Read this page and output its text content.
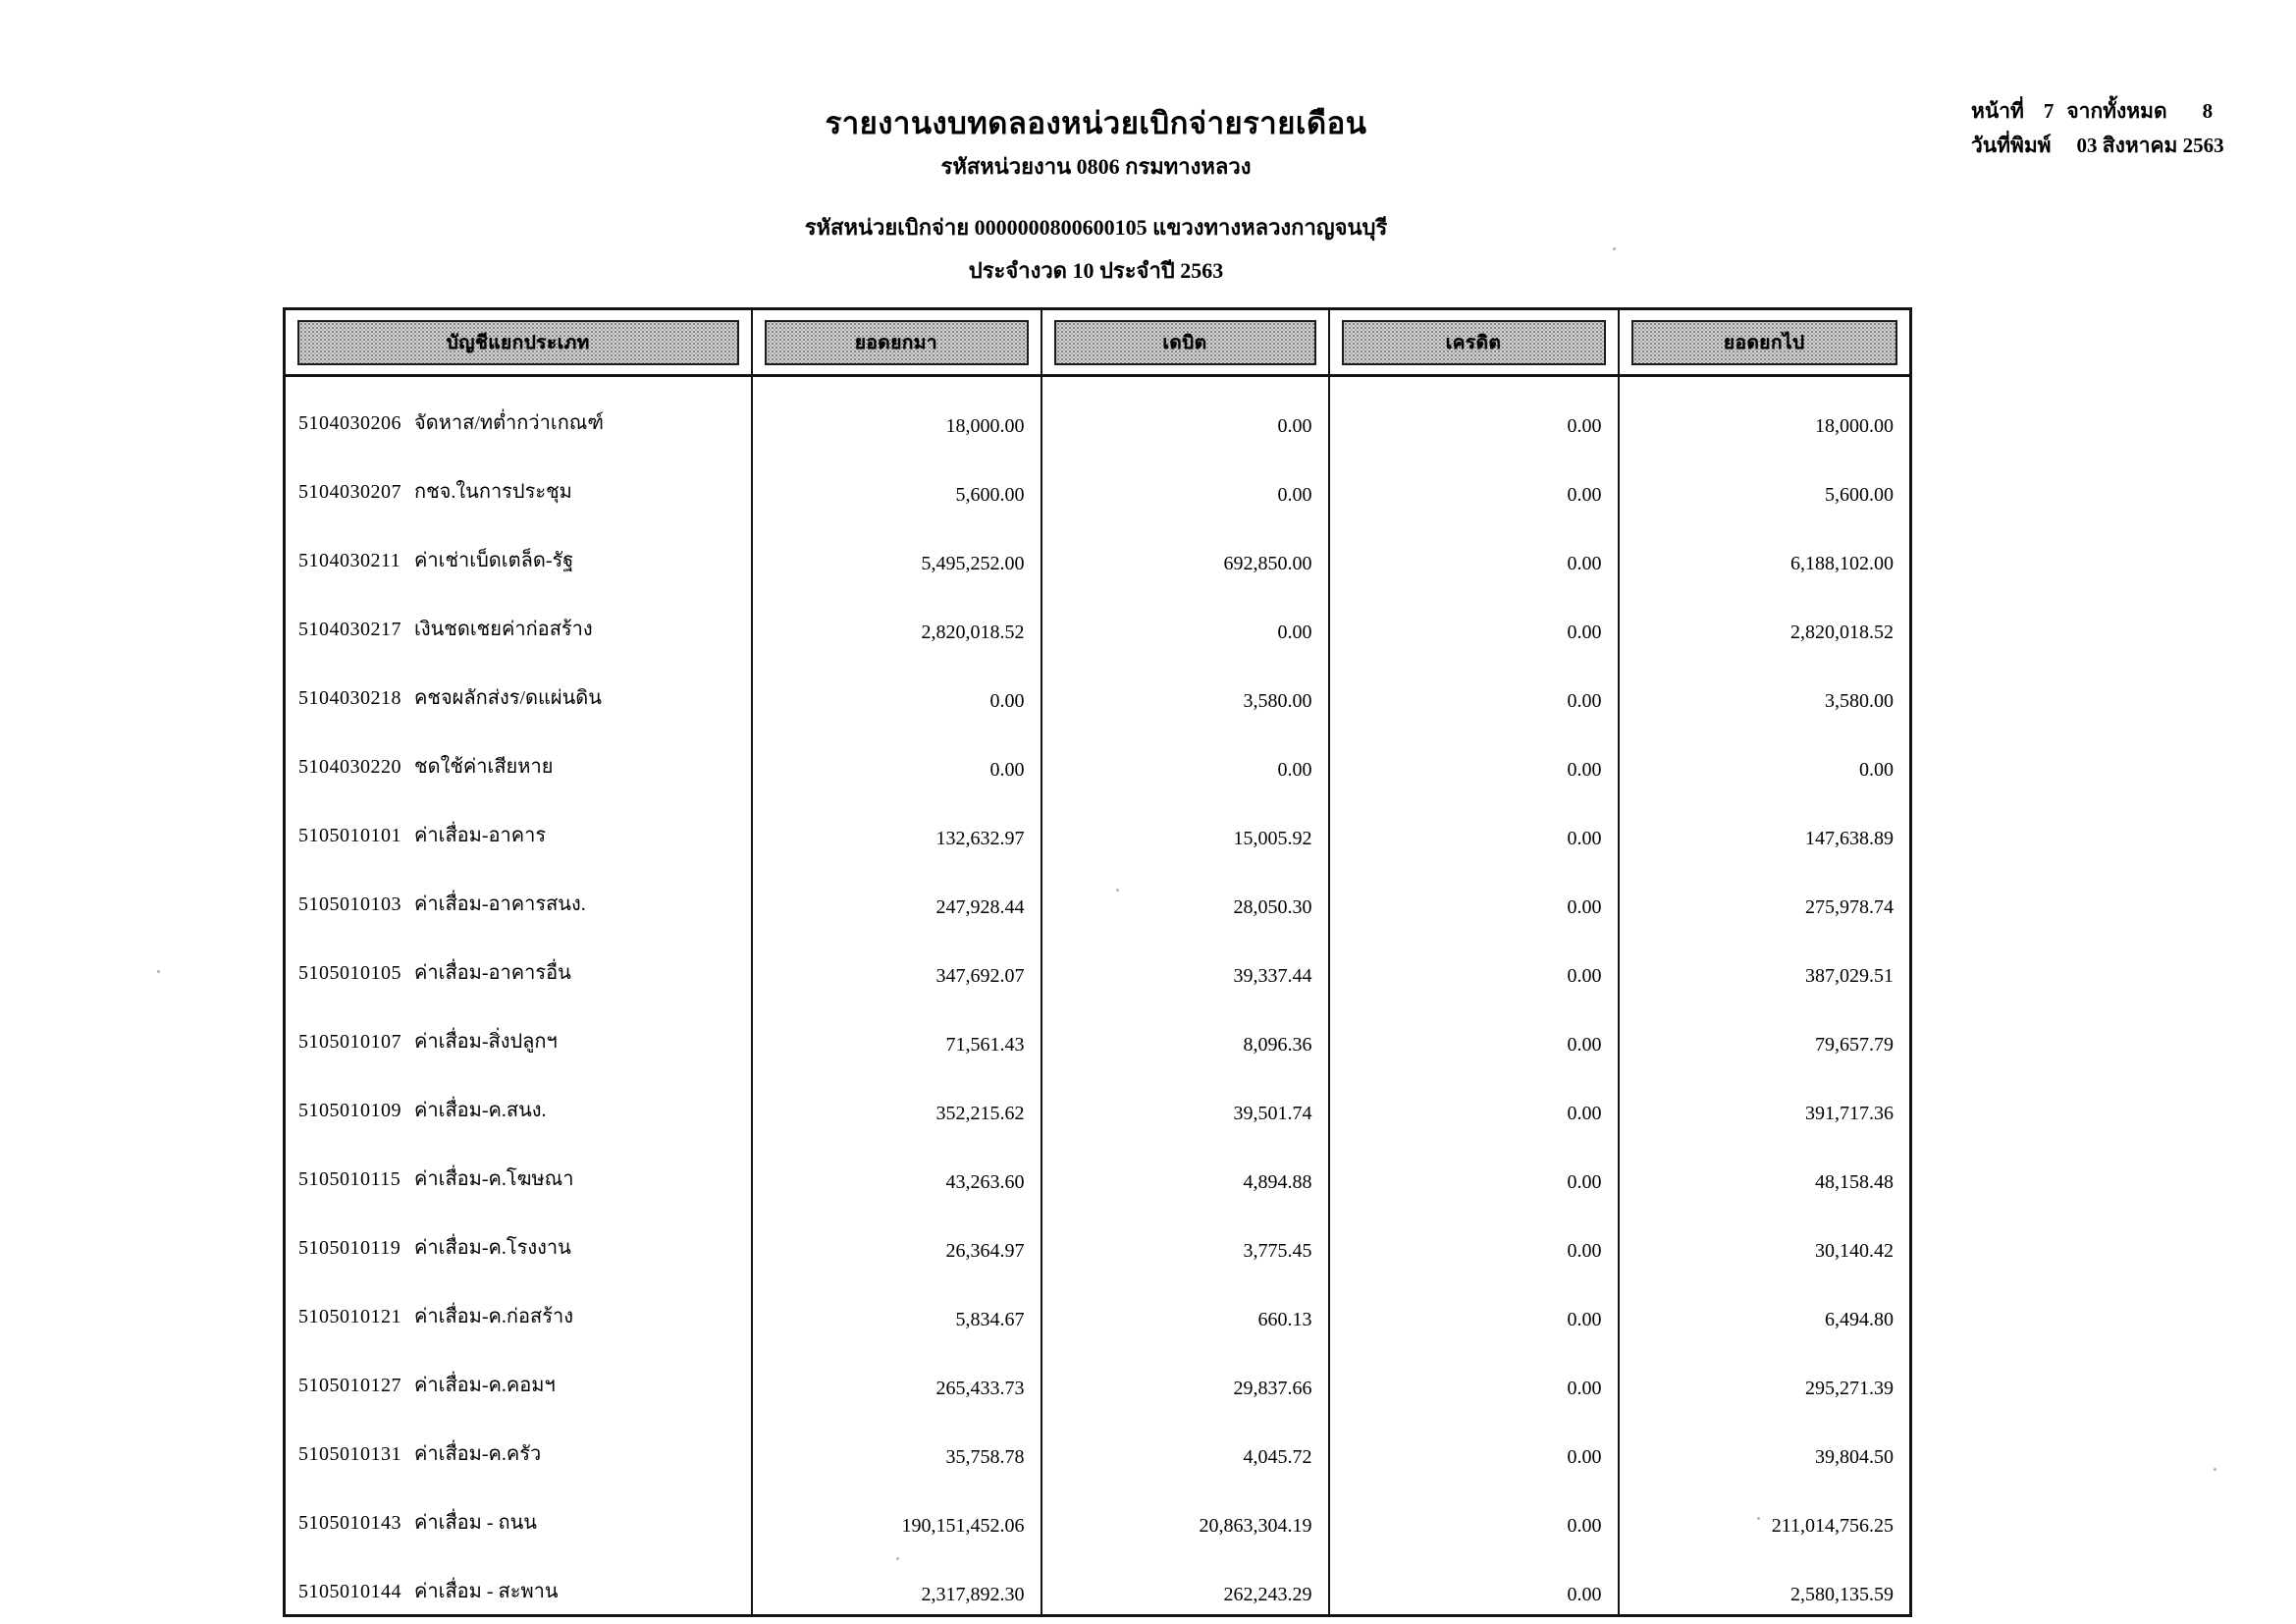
หน้าที่ 7 จากทั้งหมด 8
วันที่พิมพ์ 03 สิงหาคม 2563
รายงานงบทดลองหน่วยเบิกจ่ายรายเดือน
รหัสหน่วยงาน 0806 กรมทางหลวง
รหัสหน่วยเบิกจ่าย 0000000800600105 แขวงทางหลวงกาญจนบุรี
ประจำงวด 10 ประจำปี 2563
บัญชีแยกประเภท	ยอดยกมา	เดบิต	เครดิต	ยอดยกไป

5104030206 จัดหาส/ทต่ำกว่าเกณฑ์	18,000.00	0.00	0.00	18,000.00
5104030207 กชจ.ในการประชุม	5,600.00	0.00	0.00	5,600.00
5104030211 ค่าเช่าเบ็ดเตล็ด-รัฐ	5,495,252.00	692,850.00	0.00	6,188,102.00
5104030217 เงินชดเชยค่าก่อสร้าง	2,820,018.52	0.00	0.00	2,820,018.52
5104030218 คชจผลักส่งร/ดแผ่นดิน	0.00	3,580.00	0.00	3,580.00
5104030220 ชดใช้ค่าเสียหาย	0.00	0.00	0.00	0.00
5105010101 ค่าเสื่อม-อาคาร	132,632.97	15,005.92	0.00	147,638.89
5105010103 ค่าเสื่อม-อาคารสนง.	247,928.44	28,050.30	0.00	275,978.74
5105010105 ค่าเสื่อม-อาคารอื่น	347,692.07	39,337.44	0.00	387,029.51
5105010107 ค่าเสื่อม-สิ่งปลูกฯ	71,561.43	8,096.36	0.00	79,657.79
5105010109 ค่าเสื่อม-ค.สนง.	352,215.62	39,501.74	0.00	391,717.36
5105010115 ค่าเสื่อม-ค.โฆษณา	43,263.60	4,894.88	0.00	48,158.48
5105010119 ค่าเสื่อม-ค.โรงงาน	26,364.97	3,775.45	0.00	30,140.42
5105010121 ค่าเสื่อม-ค.ก่อสร้าง	5,834.67	660.13	0.00	6,494.80
5105010127 ค่าเสื่อม-ค.คอมฯ	265,433.73	29,837.66	0.00	295,271.39
5105010131 ค่าเสื่อม-ค.ครัว	35,758.78	4,045.72	0.00	39,804.50
5105010143 ค่าเสื่อม - ถนน	190,151,452.06	20,863,304.19	0.00	211,014,756.25
5105010144 ค่าเสื่อม - สะพาน	2,317,892.30	262,243.29	0.00	2,580,135.59
